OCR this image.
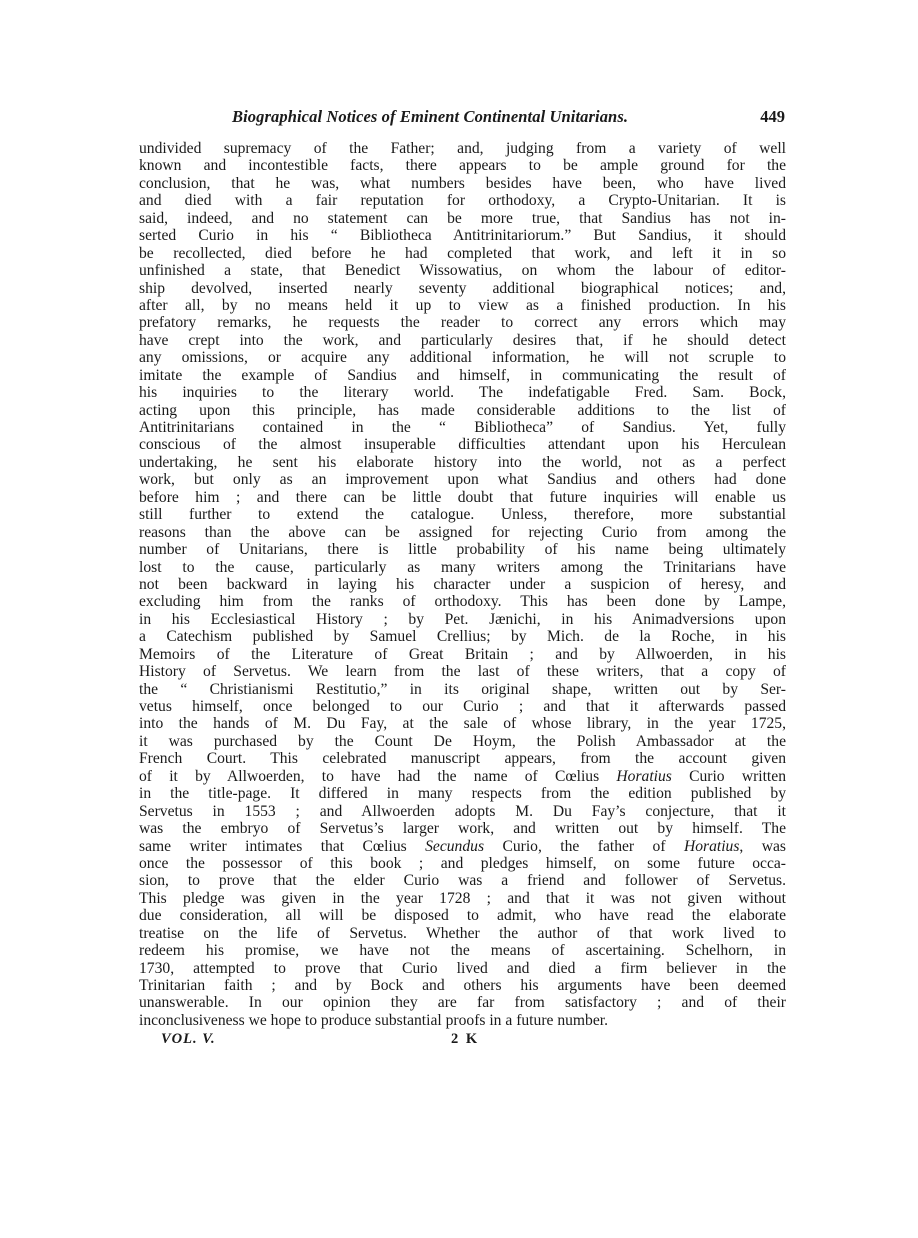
Biographical Notices of Eminent Continental Unitarians.	449
undivided supremacy of the Father; and, judging from a variety of well
known and incontestible facts, there appears to be ample ground for the
conclusion, that he was, what numbers besides have been, who have lived
and died with a fair reputation for orthodoxy, a Crypto-Unitarian. It is
said, indeed, and no statement can be more true, that Sandius has not in-
serted Curio in his “ Bibliotheca Antitrinitariorum.” But Sandius, it should
be recollected, died before he had completed that work, and left it in so
unfinished a state, that Benedict Wissowatius, on whom the labour of editor-
ship devolved, inserted nearly seventy additional biographical notices; and,
after all, by no means held it up to view as a finished production. In his
prefatory remarks, he requests the reader to correct any errors which may
have crept into the work, and particularly desires that, if he should detect
any omissions, or acquire any additional information, he will not scruple to
imitate the example of Sandius and himself, in communicating the result of
his inquiries to the literary world. The indefatigable Fred. Sam. Bock,
acting upon this principle, has made considerable additions to the list of
Antitrinitarians contained in the “ Bibliotheca” of Sandius. Yet, fully
conscious of the almost insuperable difficulties attendant upon his Herculean
undertaking, he sent his elaborate history into the world, not as a perfect
work, but only as an improvement upon what Sandius and others had done
before him ; and there can be little doubt that future inquiries will enable us
still further to extend the catalogue. Unless, therefore, more substantial
reasons than the above can be assigned for rejecting Curio from among the
number of Unitarians, there is little probability of his name being ultimately
lost to the cause, particularly as many writers among the Trinitarians have
not been backward in laying his character under a suspicion of heresy, and
excluding him from the ranks of orthodoxy. This has been done by Lampe,
in his Ecclesiastical History ; by Pet. Jænichi, in his Animadversions upon
a Catechism published by Samuel Crellius; by Mich. de la Roche, in his
Memoirs of the Literature of Great Britain ; and by Allwoerden, in his
History of Servetus. We learn from the last of these writers, that a copy of
the “ Christianismi Restitutio,” in its original shape, written out by Ser-
vetus himself, once belonged to our Curio ; and that it afterwards passed
into the hands of M. Du Fay, at the sale of whose library, in the year 1725,
it was purchased by the Count De Hoym, the Polish Ambassador at the
French Court. This celebrated manuscript appears, from the account given
of it by Allwoerden, to have had the name of Cœlius Horatius Curio written
in the title-page. It differed in many respects from the edition published by
Servetus in 1553 ; and Allwoerden adopts M. Du Fay’s conjecture, that it
was the embryo of Servetus’s larger work, and written out by himself. The
same writer intimates that Cœlius Secundus Curio, the father of Horatius, was
once the possessor of this book ; and pledges himself, on some future occa-
sion, to prove that the elder Curio was a friend and follower of Servetus.
This pledge was given in the year 1728 ; and that it was not given without
due consideration, all will be disposed to admit, who have read the elaborate
treatise on the life of Servetus. Whether the author of that work lived to
redeem his promise, we have not the means of ascertaining. Schelhorn, in
1730, attempted to prove that Curio lived and died a firm believer in the
Trinitarian faith ; and by Bock and others his arguments have been deemed
unanswerable. In our opinion they are far from satisfactory ; and of their
inconclusiveness we hope to produce substantial proofs in a future number.
VOL. V.	2 K
